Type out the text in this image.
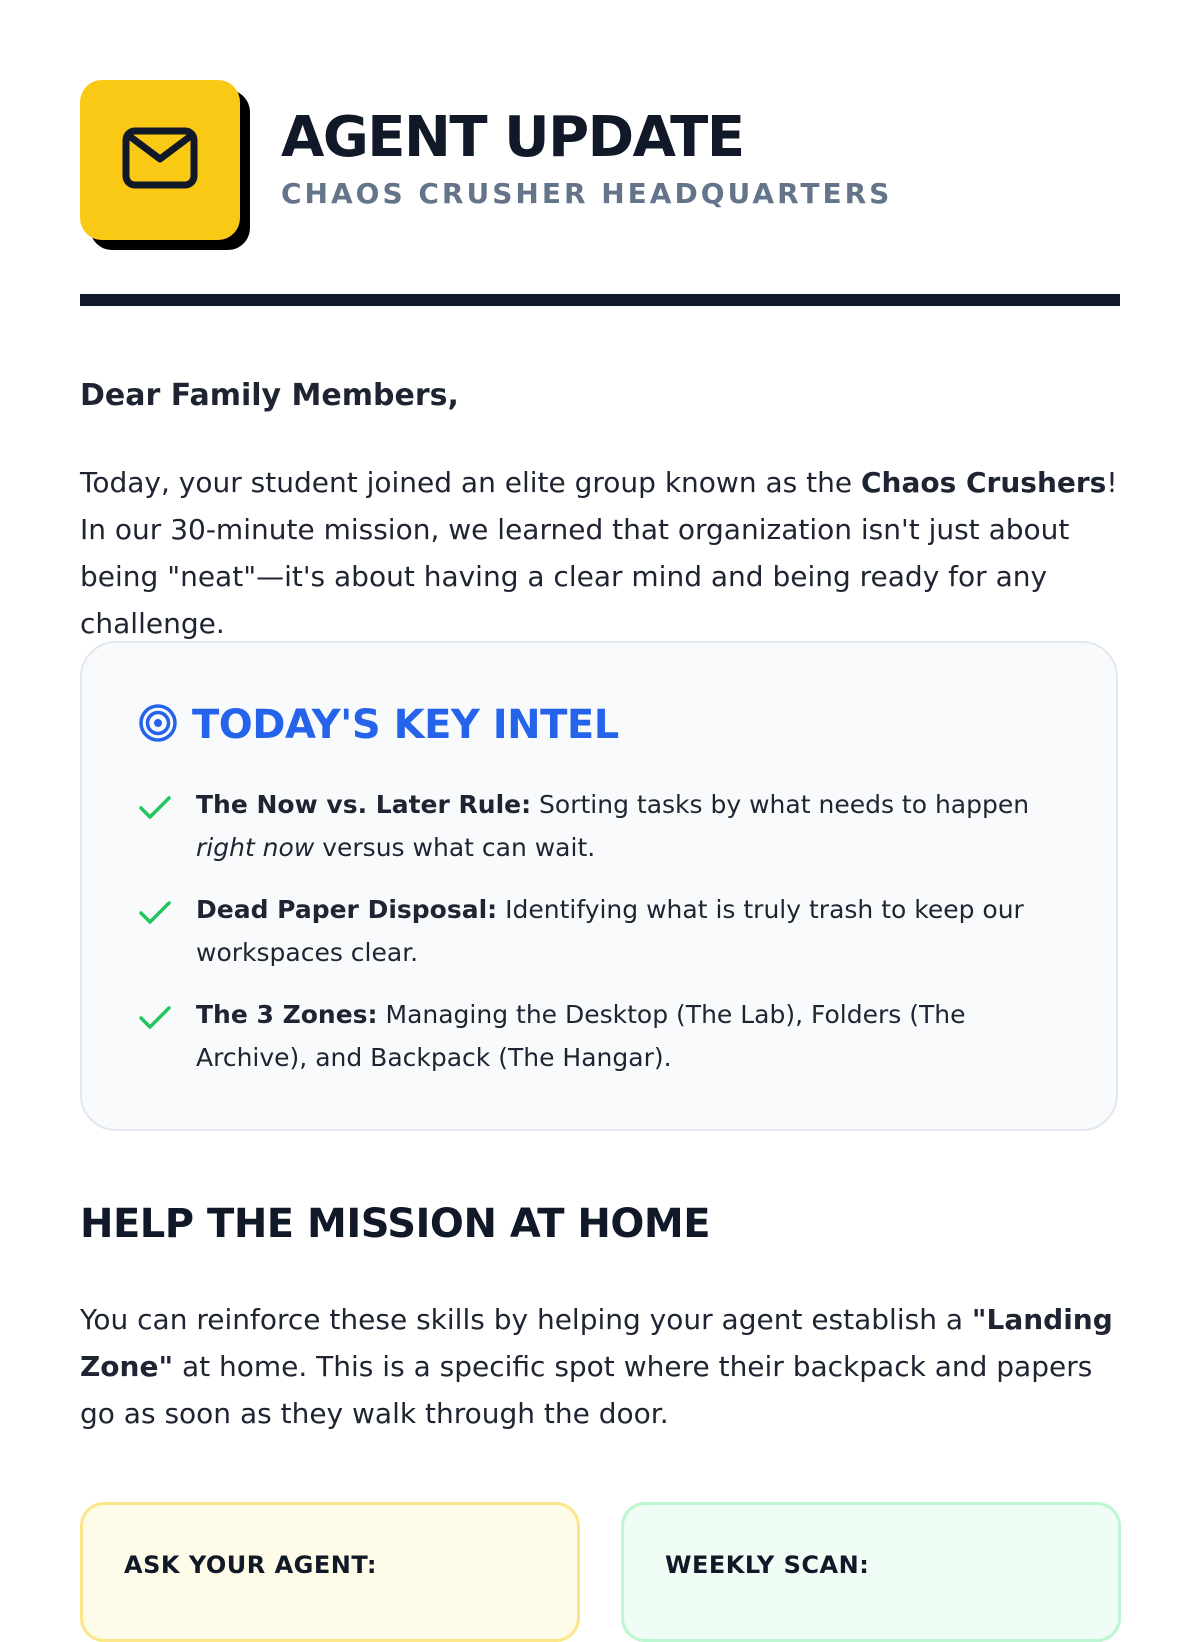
AGENT UPDATE
CHAOS CRUSHER HEADQUARTERS
Dear Family Members,

Today, your student joined an elite group known as the Chaos Crushers! In our 30-minute mission, we learned that organization isn't just about being "neat"—it's about having a clear mind and being ready for any challenge.

TODAY'S KEY INTEL
The Now vs. Later Rule: Sorting tasks by what needs to happen right now versus what can wait.
Dead Paper Disposal: Identifying what is truly trash to keep our workspaces clear.
The 3 Zones: Managing the Desktop (The Lab), Folders (The Archive), and Backpack (The Hangar).
HELP THE MISSION AT HOME

You can reinforce these skills by helping your agent establish a "Landing Zone" at home. This is a specific spot where their backpack and papers go as soon as they walk through the door.

ASK YOUR AGENT:	WEEKLY SCAN:
